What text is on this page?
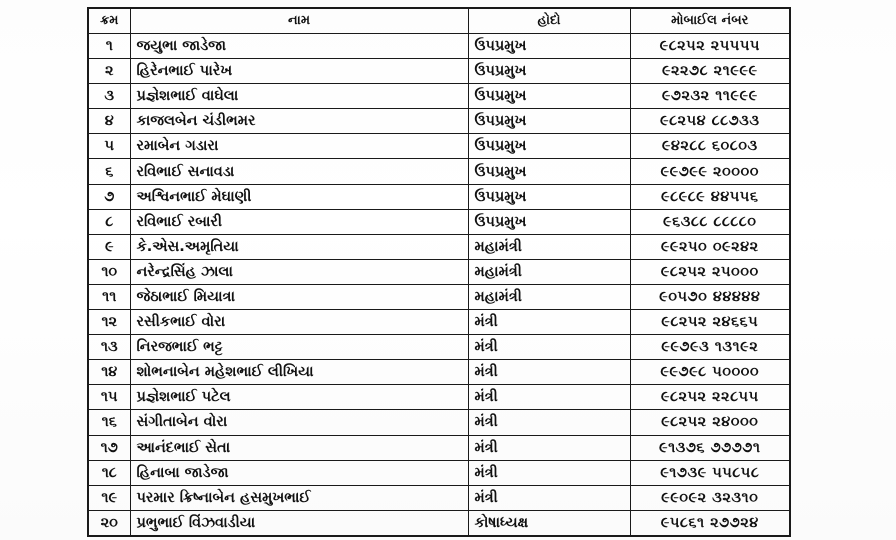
ક્રમ	નામ	હોદો	મોબાઈલ નંબર
૧	જયુભા જાડેજા	ઉપપ્રમુખ	૯૮૨૫૨ ૨૫૫૫૫
૨	હિરેનભાઈ પારેખ	ઉપપ્રમુખ	૯૨૨૭૮ ૨૧૯૯૯
૩	પ્રજ્ઞેશભાઈ વાઘેલા	ઉપપ્રમુખ	૯૭૨૩૨ ૧૧૯૯૯
૪	કાજલબેન ચંડીભમર	ઉપપ્રમુખ	૯૮૨૫૪ ૮૮૭૩૩
૫	રમાબેન ગડારા	ઉપપ્રમુખ	૯૪૨૮૮ ૬૦૮૦૩
૬	રવિભાઈ સનાવડા	ઉપપ્રમુખ	૯૯૭૯૯ ૨૦૦૦૦
૭	અશ્વિનભાઈ મેઘાણી	ઉપપ્રમુખ	૯૮૯૮૯ ૪૪૫૫૬
૮	રવિભાઈ રબારી	ઉપપ્રમુખ	૯૬૩૮૮ ૮૮૮૮૦
૯	કે.એસ.અમૃતિયા	મહામંત્રી	૯૯૨૫૦ ૦૯૨૪૨
૧૦	નરેન્દ્રસિંહ ઝાલા	મહામંત્રી	૯૮૨૫૨ ૨૫૦૦૦
૧૧	જેઠાભાઈ મિયાત્રા	મહામંત્રી	૯૦૫૭૦ ૪૪૪૪૪
૧૨	રસીકભાઈ વોરા	મંત્રી	૯૮૨૫૨ ૨૪૬૬૫
૧૩	નિરજભાઈ ભટ્ટ	મંત્રી	૯૯૭૯૩ ૧૩૧૯૨
૧૪	શોભનાબેન મહેશભાઈ લીખિયા	મંત્રી	૯૯૭૯૮ ૫૦૦૦૦
૧૫	પ્રજ્ઞેશભાઈ પટેલ	મંત્રી	૯૮૨૫૨ ૨૨૮૫૫
૧૬	સંગીતાબેન વોરા	મંત્રી	૯૮૨૫૨ ૨૪૦૦૦
૧૭	આનંદભાઈ સેતા	મંત્રી	૯૧૩૭૬ ૭૭૭૭૧
૧૮	હિનાબા જાડેજા	મંત્રી	૯૧૭૩૯ ૫૫૮૫૮
૧૯	પરમાર ક્રિષ્નાબેન હસમુખભાઈ	મંત્રી	૯૯૦૯૨ ૩૨૩૧૦
૨૦	પ્રભુભાઈ વિંઝવાડીયા	કોષાધ્યક્ષ	૯૫૮૬૧ ૨૭૭૨૪
